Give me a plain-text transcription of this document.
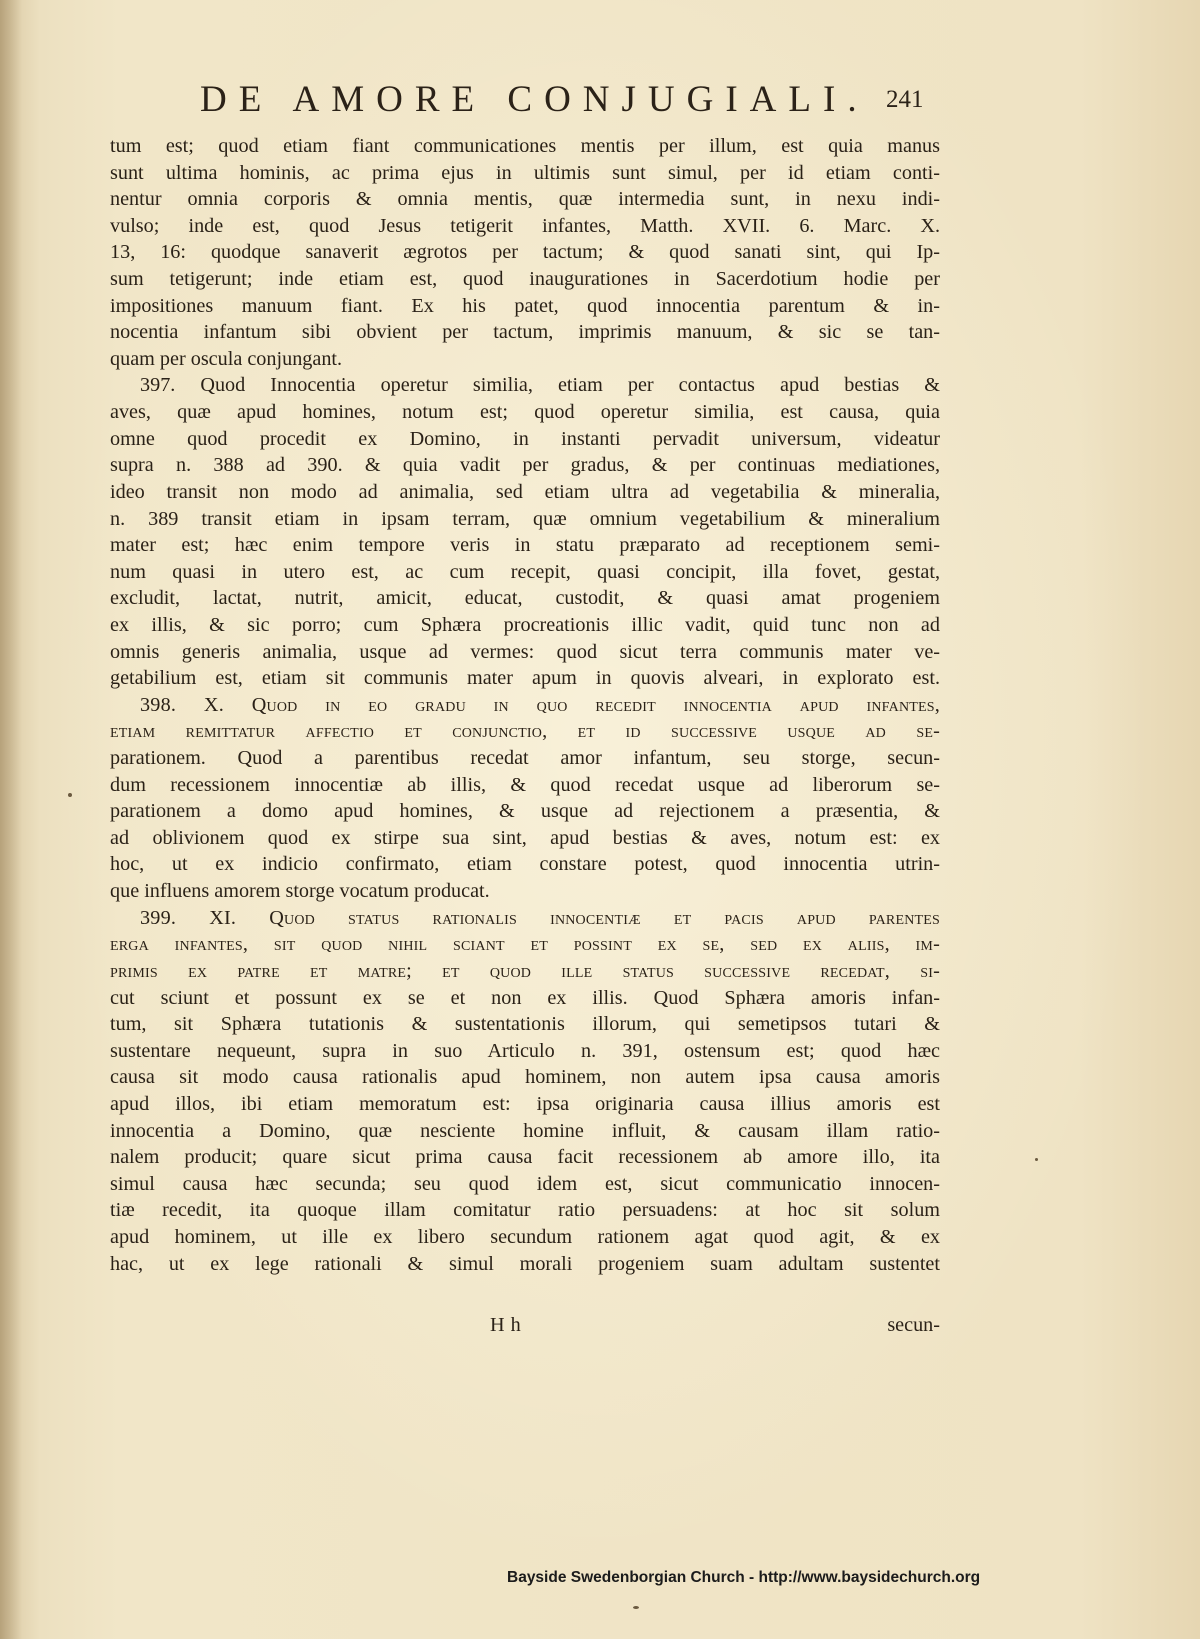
DE AMORE CONJUGIALI. 241
tum est; quod etiam fiant communicationes mentis per illum, est quia manus
sunt ultima hominis, ac prima ejus in ultimis sunt simul, per id etiam conti-
nentur omnia corporis & omnia mentis, quæ intermedia sunt, in nexu indi-
vulso; inde est, quod Jesus tetigerit infantes, Matth. XVII. 6. Marc. X.
13, 16: quodque sanaverit ægrotos per tactum; & quod sanati sint, qui Ip-
sum tetigerunt; inde etiam est, quod inaugurationes in Sacerdotium hodie per
impositiones manuum fiant. Ex his patet, quod innocentia parentum & in-
nocentia infantum sibi obvient per tactum, imprimis manuum, & sic se tan-
quam per oscula conjungant.
397. Quod Innocentia operetur similia, etiam per contactus apud bestias &
aves, quæ apud homines, notum est; quod operetur similia, est causa, quia
omne quod procedit ex Domino, in instanti pervadit universum, videatur
supra n. 388 ad 390. & quia vadit per gradus, & per continuas mediationes,
ideo transit non modo ad animalia, sed etiam ultra ad vegetabilia & mineralia,
n. 389 transit etiam in ipsam terram, quæ omnium vegetabilium & mineralium
mater est; hæc enim tempore veris in statu præparato ad receptionem semi-
num quasi in utero est, ac cum recepit, quasi concipit, illa fovet, gestat,
excludit, lactat, nutrit, amicit, educat, custodit, & quasi amat progeniem
ex illis, & sic porro; cum Sphæra procreationis illic vadit, quid tunc non ad
omnis generis animalia, usque ad vermes: quod sicut terra communis mater ve-
getabilium est, etiam sit communis mater apum in quovis alveari, in explorato est.
398. X. Quod in eo gradu in quo recedit innocentia apud infantes,
etiam remittatur affectio et conjunctio, et id successive usque ad se-
parationem. Quod a parentibus recedat amor infantum, seu storge, secun-
dum recessionem innocentiæ ab illis, & quod recedat usque ad liberorum se-
parationem a domo apud homines, & usque ad rejectionem a præsentia, &
ad oblivionem quod ex stirpe sua sint, apud bestias & aves, notum est: ex
hoc, ut ex indicio confirmato, etiam constare potest, quod innocentia utrin-
que influens amorem storge vocatum producat.
399. XI. Quod status rationalis innocentiæ et pacis apud parentes
erga infantes, sit quod nihil sciant et possint ex se, sed ex aliis, im-
primis ex patre et matre; et quod ille status successive recedat, si-
cut sciunt et possunt ex se et non ex illis. Quod Sphæra amoris infan-
tum, sit Sphæra tutationis & sustentationis illorum, qui semetipsos tutari &
sustentare nequeunt, supra in suo Articulo n. 391, ostensum est; quod hæc
causa sit modo causa rationalis apud hominem, non autem ipsa causa amoris
apud illos, ibi etiam memoratum est: ipsa originaria causa illius amoris est
innocentia a Domino, quæ nesciente homine influit, & causam illam ratio-
nalem producit; quare sicut prima causa facit recessionem ab amore illo, ita
simul causa hæc secunda; seu quod idem est, sicut communicatio innocen-
tiæ recedit, ita quoque illam comitatur ratio persuadens: at hoc sit solum
apud hominem, ut ille ex libero secundum rationem agat quod agit, & ex
hac, ut ex lege rationali & simul morali progeniem suam adultam sustentet
Hh	secun-
Bayside Swedenborgian Church - http://www.baysidechurch.org
